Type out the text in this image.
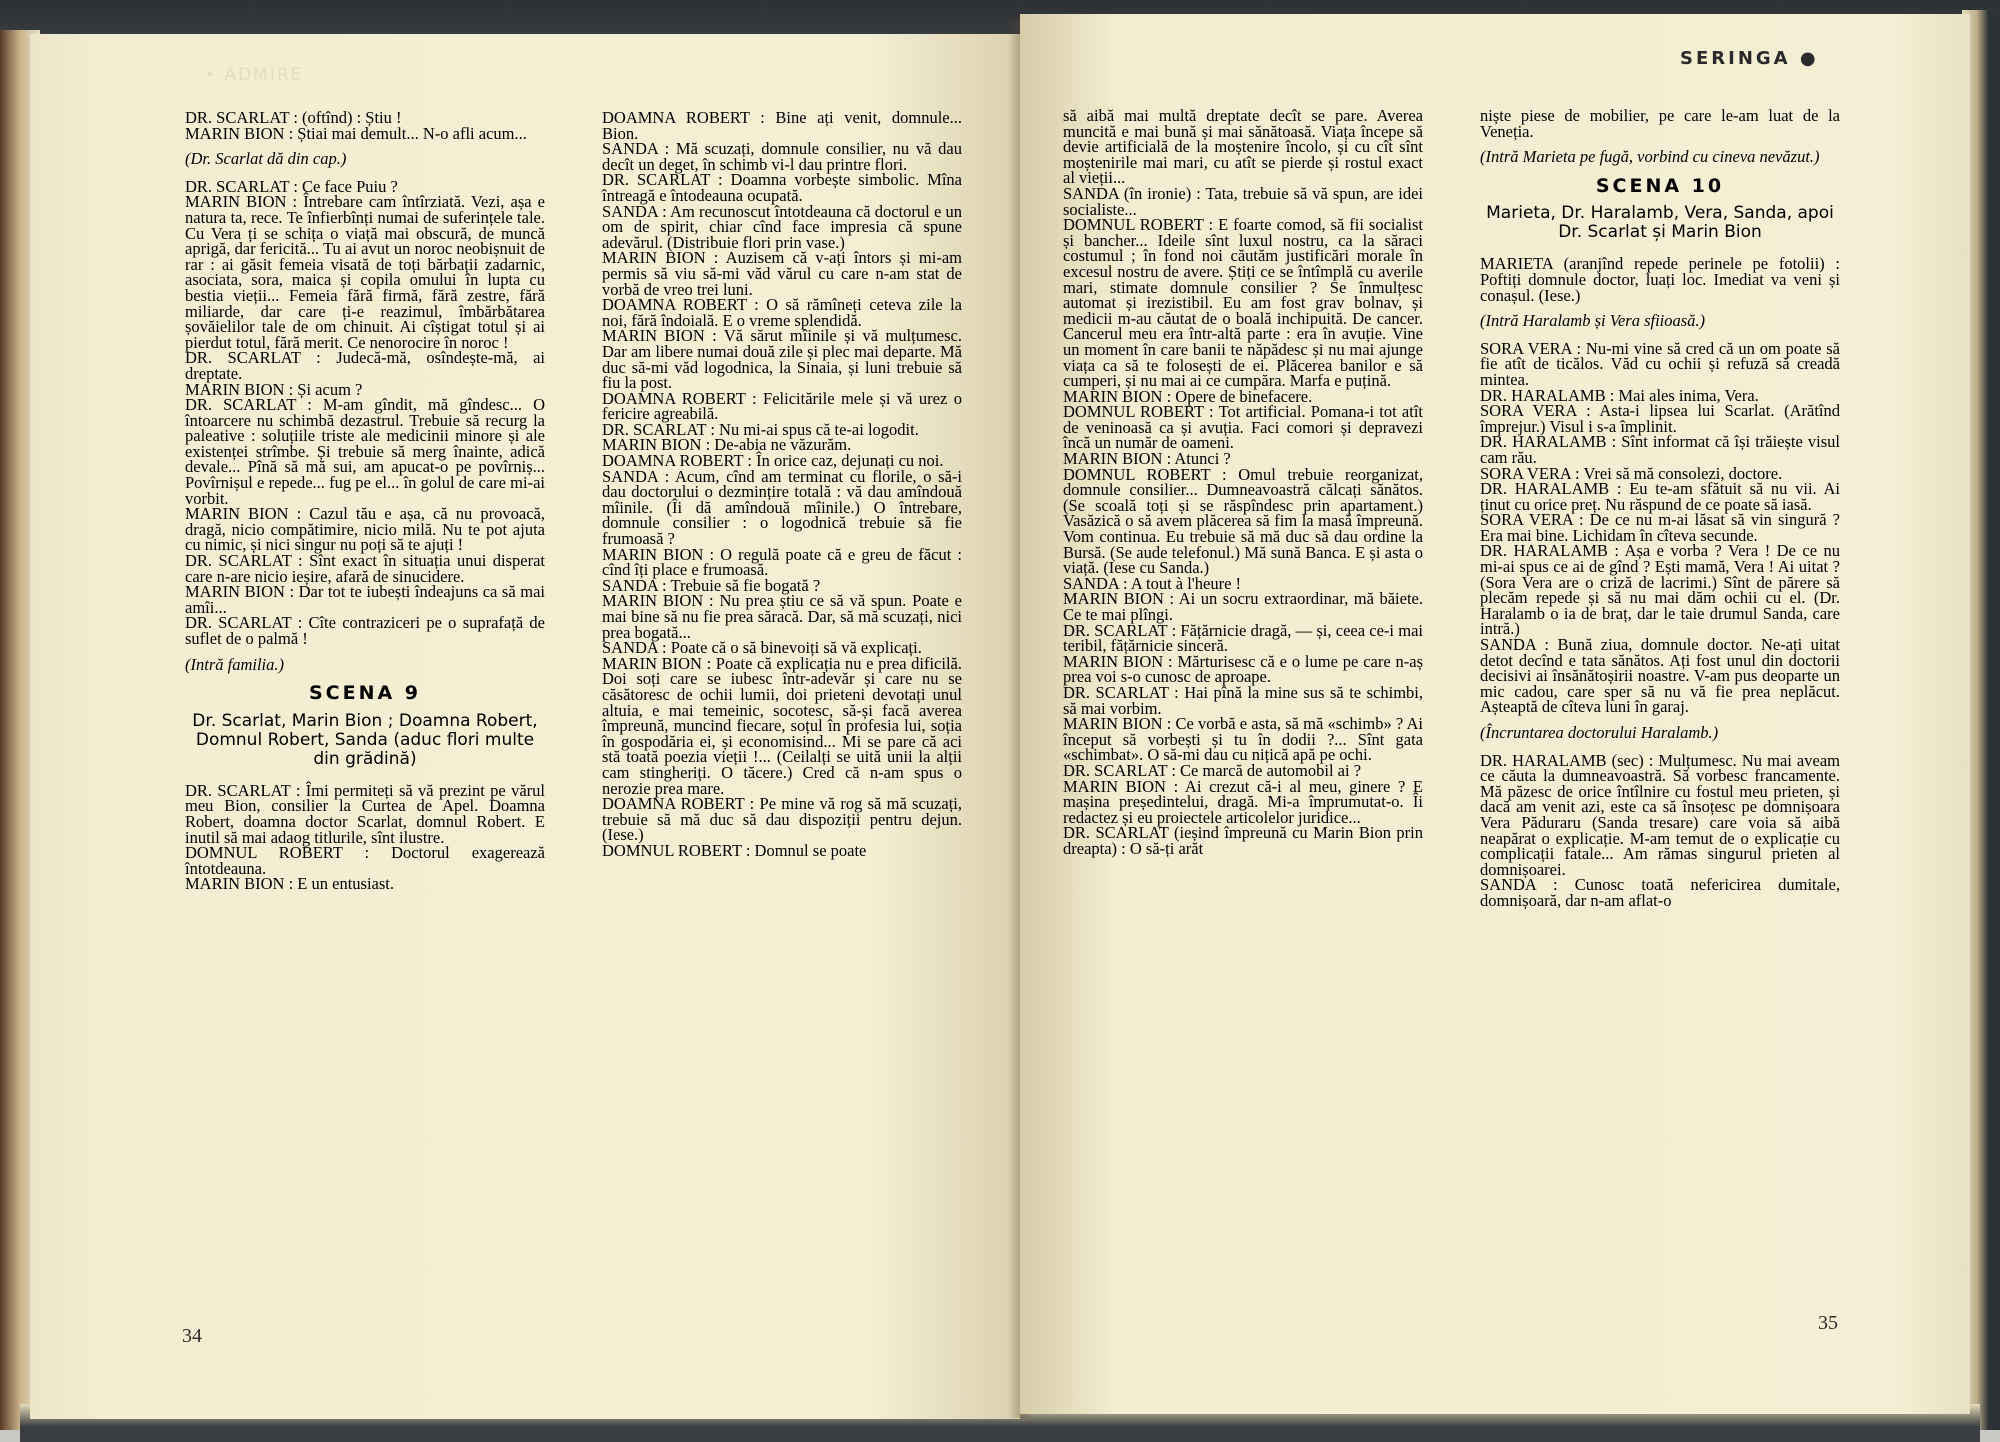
• ADMIRE

DR. SCARLAT : (oftînd) : Știu !

MARIN BION : Știai mai demult... N-o afli acum...

(Dr. Scarlat dă din cap.)

DR. SCARLAT : Ce face Puiu ?

MARIN BION : Întrebare cam întîrziată. Vezi, așa e natura ta, rece. Te înfierbînți numai de suferințele tale. Cu Vera ți se schița o viață mai obscură, de muncă aprigă, dar fericită... Tu ai avut un noroc neobișnuit de rar : ai găsit femeia visată de toți bărbații zadarnic, asociata, sora, maica și copila omului în lupta cu bestia vieții... Femeia fără firmă, fără zestre, fără miliarde, dar care ți-e reazimul, îmbărbătarea șovăielilor tale de om chinuit. Ai cîștigat totul și ai pierdut totul, fără merit. Ce nenorocire în noroc !

DR. SCARLAT : Judecă-mă, osîndește-mă, ai dreptate.

MARIN BION : Și acum ?

DR. SCARLAT : M-am gîndit, mă gîndesc... O întoarcere nu schimbă dezastrul. Trebuie să recurg la paleative : soluțiile triste ale medicinii minore și ale existenței strîmbe. Și trebuie să merg înainte, adică devale... Pînă să mă sui, am apucat-o pe povîrniș... Povîrnișul e repede... fug pe el... în golul de care mi-ai vorbit.

MARIN BION : Cazul tău e așa, că nu provoacă, dragă, nicio compătimire, nicio milă. Nu te pot ajuta cu nimic, și nici singur nu poți să te ajuți !

DR. SCARLAT : Sînt exact în situația unui disperat care n-are nicio ieșire, afară de sinucidere.

MARIN BION : Dar tot te iubești îndeajuns ca să mai amîi...

DR. SCARLAT : Cîte contraziceri pe o suprafață de suflet de o palmă !

(Intră familia.)

SCENA 9
Dr. Scarlat, Marin Bion ; Doamna Robert, Domnul Robert, Sanda (aduc flori multe din grădină)

DR. SCARLAT : Îmi permiteți să vă prezint pe vărul meu Bion, consilier la Curtea de Apel. Doamna Robert, doamna doctor Scarlat, domnul Robert. E inutil să mai adaog titlurile, sînt ilustre.

DOMNUL ROBERT : Doctorul exagerează întotdeauna.

MARIN BION : E un entusiast.

DOAMNA ROBERT : Bine ați venit, domnule... Bion.

SANDA : Mă scuzați, domnule consilier, nu vă dau decît un deget, în schimb vi-l dau printre flori.

DR. SCARLAT : Doamna vorbește simbolic. Mîna întreagă e întodeauna ocupată.

SANDA : Am recunoscut întotdeauna că doctorul e un om de spirit, chiar cînd face impresia că spune adevărul. (Distribuie flori prin vase.)

MARIN BION : Auzisem că v-ați întors și mi-am permis să viu să-mi văd vărul cu care n-am stat de vorbă de vreo trei luni.

DOAMNA ROBERT : O să rămîneți ceteva zile la noi, fără îndoială. E o vreme splendidă.

MARIN BION : Vă sărut mîinile și vă mulțumesc. Dar am libere numai două zile și plec mai departe. Mă duc să-mi văd logodnica, la Sinaia, și luni trebuie să fiu la post.

DOAMNA ROBERT : Felicitările mele și vă urez o fericire agreabilă.

DR. SCARLAT : Nu mi-ai spus că te-ai logodit.

MARIN BION : De-abia ne văzurăm.

DOAMNA ROBERT : În orice caz, dejunați cu noi.

SANDA : Acum, cînd am terminat cu florile, o să-i dau doctorului o dezmințire totală : vă dau amîndouă mîinile. (Îi dă amîndouă mîinile.) O întrebare, domnule consilier : o logodnică trebuie să fie frumoasă ?

MARIN BION : O regulă poate că e greu de făcut : cînd îți place e frumoasă.

SANDA : Trebuie să fie bogată ?

MARIN BION : Nu prea știu ce să vă spun. Poate e mai bine să nu fie prea săracă. Dar, să mă scuzați, nici prea bogată...

SANDA : Poate că o să binevoiți să vă explicați.

MARIN BION : Poate că explicația nu e prea dificilă. Doi soți care se iubesc într-adevăr și care nu se căsătoresc de ochii lumii, doi prieteni devotați unul altuia, e mai temeinic, socotesc, să-și facă averea împreună, muncind fiecare, soțul în profesia lui, soția în gospodăria ei, și economisind... Mi se pare că aci stă toată poezia vieții !... (Ceilalți se uită unii la alții cam stingheriți. O tăcere.) Cred că n-am spus o nerozie prea mare.

DOAMNA ROBERT : Pe mine vă rog să mă scuzați, trebuie să mă duc să dau dispoziții pentru dejun. (Iese.)

DOMNUL ROBERT : Domnul se poate

34
SERINGA ●

să aibă mai multă dreptate decît se pare. Averea muncită e mai bună și mai sănătoasă. Viața începe să devie artificială de la moștenire încolo, și cu cît sînt moștenirile mai mari, cu atît se pierde și rostul exact al vieții...

SANDA (în ironie) : Tata, trebuie să vă spun, are idei socialiste...

DOMNUL ROBERT : E foarte comod, să fii socialist și bancher... Ideile sînt luxul nostru, ca la săraci costumul ; în fond noi căutăm justificări morale în excesul nostru de avere. Știți ce se întîmplă cu averile mari, stimate domnule consilier ? Se înmulțesc automat și irezistibil. Eu am fost grav bolnav, și medicii m-au căutat de o boală inchipuită. De cancer. Cancerul meu era într-altă parte : era în avuție. Vine un moment în care banii te năpădesc și nu mai ajunge viața ca să te folosești de ei. Plăcerea banilor e să cumperi, și nu mai ai ce cumpăra. Marfa e puțină.

MARIN BION : Opere de binefacere.

DOMNUL ROBERT : Tot artificial. Pomana-i tot atît de veninoasă ca și avuția. Faci comori și depravezi încă un număr de oameni.

MARIN BION : Atunci ?

DOMNUL ROBERT : Omul trebuie reorganizat, domnule consilier... Dumneavoastră călcați sănătos. (Se scoală toți și se răspîndesc prin apartament.) Vasăzică o să avem plăcerea să fim la masă împreună. Vom continua. Eu trebuie să mă duc să dau ordine la Bursă. (Se aude telefonul.) Mă sună Banca. E și asta o viață. (Iese cu Sanda.)

SANDA : A tout à l'heure !

MARIN BION : Ai un socru extraordinar, mă băiete. Ce te mai plîngi.

DR. SCARLAT : Fățărnicie dragă, — și, ceea ce-i mai teribil, fățărnicie sinceră.

MARIN BION : Mărturisesc că e o lume pe care n-aș prea voi s-o cunosc de aproape.

DR. SCARLAT : Hai pînă la mine sus să te schimbi, să mai vorbim.

MARIN BION : Ce vorbă e asta, să mă «schimb» ? Ai început să vorbești și tu în dodii ?... Sînt gata «schimbat». O să-mi dau cu nițică apă pe ochi.

DR. SCARLAT : Ce marcă de automobil ai ?

MARIN BION : Ai crezut că-i al meu, ginere ? E mașina președintelui, dragă. Mi-a împrumutat-o. Îi redactez și eu proiectele articolelor juridice...

DR. SCARLAT (ieșind împreună cu Marin Bion prin dreapta) : O să-ți arăt

niște piese de mobilier, pe care le-am luat de la Veneția.

(Intră Marieta pe fugă, vorbind cu cineva nevăzut.)

SCENA 10
Marieta, Dr. Haralamb, Vera, Sanda, apoi Dr. Scarlat și Marin Bion

MARIETA (aranjînd repede perinele pe fotolii) : Poftiți domnule doctor, luați loc. Imediat va veni și conașul. (Iese.)

(Intră Haralamb și Vera sfiioasă.)

SORA VERA : Nu-mi vine să cred că un om poate să fie atît de ticălos. Văd cu ochii și refuză să creadă mintea.

DR. HARALAMB : Mai ales inima, Vera.

SORA VERA : Asta-i lipsea lui Scarlat. (Arătînd împrejur.) Visul i s-a împlinit.

DR. HARALAMB : Sînt informat că își trăiește visul cam rău.

SORA VERA : Vrei să mă consolezi, doctore.

DR. HARALAMB : Eu te-am sfătuit să nu vii. Ai ținut cu orice preț. Nu răspund de ce poate să iasă.

SORA VERA : De ce nu m-ai lăsat să vin singură ? Era mai bine. Lichidam în cîteva secunde.

DR. HARALAMB : Așa e vorba ? Vera ! De ce nu mi-ai spus ce ai de gînd ? Ești mamă, Vera ! Ai uitat ? (Sora Vera are o criză de lacrimi.) Sînt de părere să plecăm repede și să nu mai dăm ochii cu el. (Dr. Haralamb o ia de braț, dar le taie drumul Sanda, care intră.)

SANDA : Bună ziua, domnule doctor. Ne-ați uitat detot decînd e tata sănătos. Ați fost unul din doctorii decisivi ai însănătoșirii noastre. V-am pus deoparte un mic cadou, care sper să nu vă fie prea neplăcut. Așteaptă de cîteva luni în garaj.

(Încruntarea doctorului Haralamb.)

DR. HARALAMB (sec) : Mulțumesc. Nu mai aveam ce căuta la dumneavoastră. Să vorbesc francamente. Mă păzesc de orice întîlnire cu fostul meu prieten, și dacă am venit azi, este ca să însoțesc pe domnișoara Vera Păduraru (Sanda tresare) care voia să aibă neapărat o explicație. M-am temut de o explicație cu complicații fatale... Am rămas singurul prieten al domnișoarei.

SANDA : Cunosc toată nefericirea dumitale, domnișoară, dar n-am aflat-o

35
